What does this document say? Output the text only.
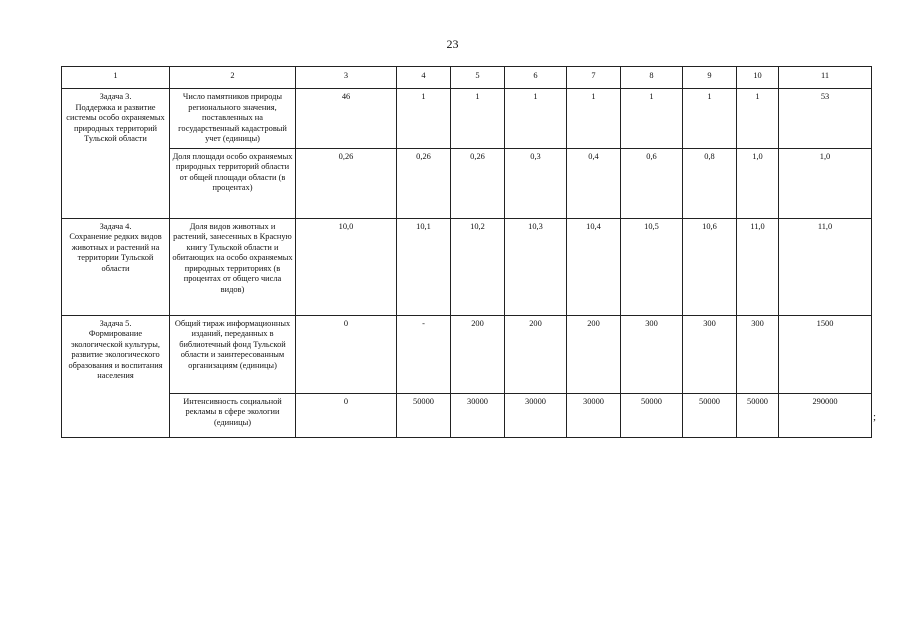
23
1	2	3	4	5	6	7	8	9	10	11
Задача 3.
Поддержка и развитие системы особо охраняемых природных территорий Тульской области	Число памятников природы регионального значения, поставленных на государственный кадастровый учет (единицы)	46	1	1	1	1	1	1	1	53
	Доля площади особо охраняемых природных территорий области от общей площади области (в процентах)	0,26	0,26	0,26	0,3	0,4	0,6	0,8	1,0	1,0
Задача 4.
Сохранение редких видов животных и растений на территории Тульской области	Доля видов животных и растений, занесенных в Красную книгу Тульской области и обитающих на особо охраняемых природных территориях (в процентах от общего числа видов)	10,0	10,1	10,2	10,3	10,4	10,5	10,6	11,0	11,0
Задача 5.
Формирование экологической культуры, развитие экологического образования и воспитания населения	Общий тираж информационных изданий, переданных в библиотечный фонд Тульской области и заинтересованным организациям (единицы)	0	-	200	200	200	300	300	300	1500
	Интенсивность социальной рекламы в сфере экологии (единицы)	0	50000	30000	30000	30000	50000	50000	50000	290000
;
